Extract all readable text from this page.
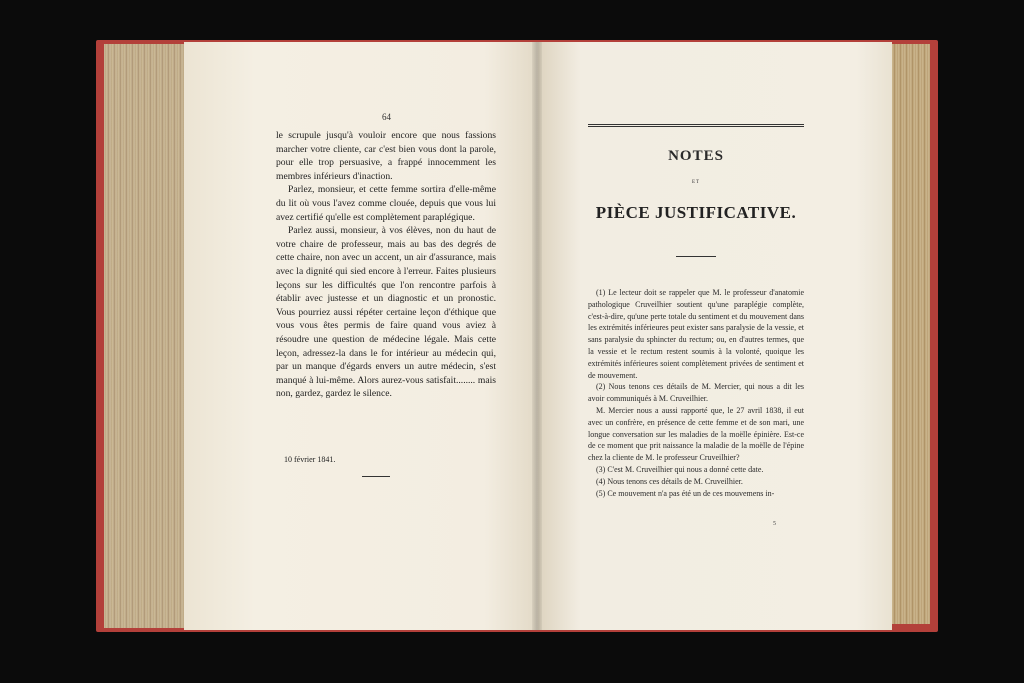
64

le scrupule jusqu'à vouloir encore que nous fassions marcher votre cliente, car c'est bien vous dont la parole, pour elle trop persuasive, a frappé innocemment les membres inférieurs d'inaction.

Parlez, monsieur, et cette femme sortira d'elle-même du lit où vous l'avez comme clouée, depuis que vous lui avez certifié qu'elle est complètement paraplégique.

Parlez aussi, monsieur, à vos élèves, non du haut de votre chaire de professeur, mais au bas des degrés de cette chaire, non avec un accent, un air d'assurance, mais avec la dignité qui sied encore à l'erreur. Faites plusieurs leçons sur les difficultés que l'on rencontre parfois à établir avec justesse et un diagnostic et un pronostic. Vous pourriez aussi répéter certaine leçon d'éthique que vous vous êtes permis de faire quand vous aviez à résoudre une question de médecine légale. Mais cette leçon, adressez-la dans le for intérieur au médecin qui, par un manque d'égards envers un autre médecin, s'est manqué à lui-même. Alors aurez-vous satisfait........ mais non, gardez, gardez le silence.

10 février 1841.
NOTES
ET
PIÈCE JUSTIFICATIVE.

(1) Le lecteur doit se rappeler que M. le professeur d'anatomie pathologique Cruveilhier soutient qu'une paraplégie complète, c'est-à-dire, qu'une perte totale du sentiment et du mouvement dans les extrémités inférieures peut exister sans paralysie de la vessie, et sans paralysie du sphincter du rectum; ou, en d'autres termes, que la vessie et le rectum restent soumis à la volonté, quoique les extrémités inférieures soient complètement privées de sentiment et de mouvement.

(2) Nous tenons ces détails de M. Mercier, qui nous a dit les avoir communiqués à M. Cruveilhier.

M. Mercier nous a aussi rapporté que, le 27 avril 1838, il eut avec un confrère, en présence de cette femme et de son mari, une longue conversation sur les maladies de la moëlle épinière. Est-ce de ce moment que prit naissance la maladie de la moëlle de l'épine chez la cliente de M. le professeur Cruveilhier?

(3) C'est M. Cruveilhier qui nous a donné cette date.

(4) Nous tenons ces détails de M. Cruveilhier.

(5) Ce mouvement n'a pas été un de ces mouvemens in-

5
